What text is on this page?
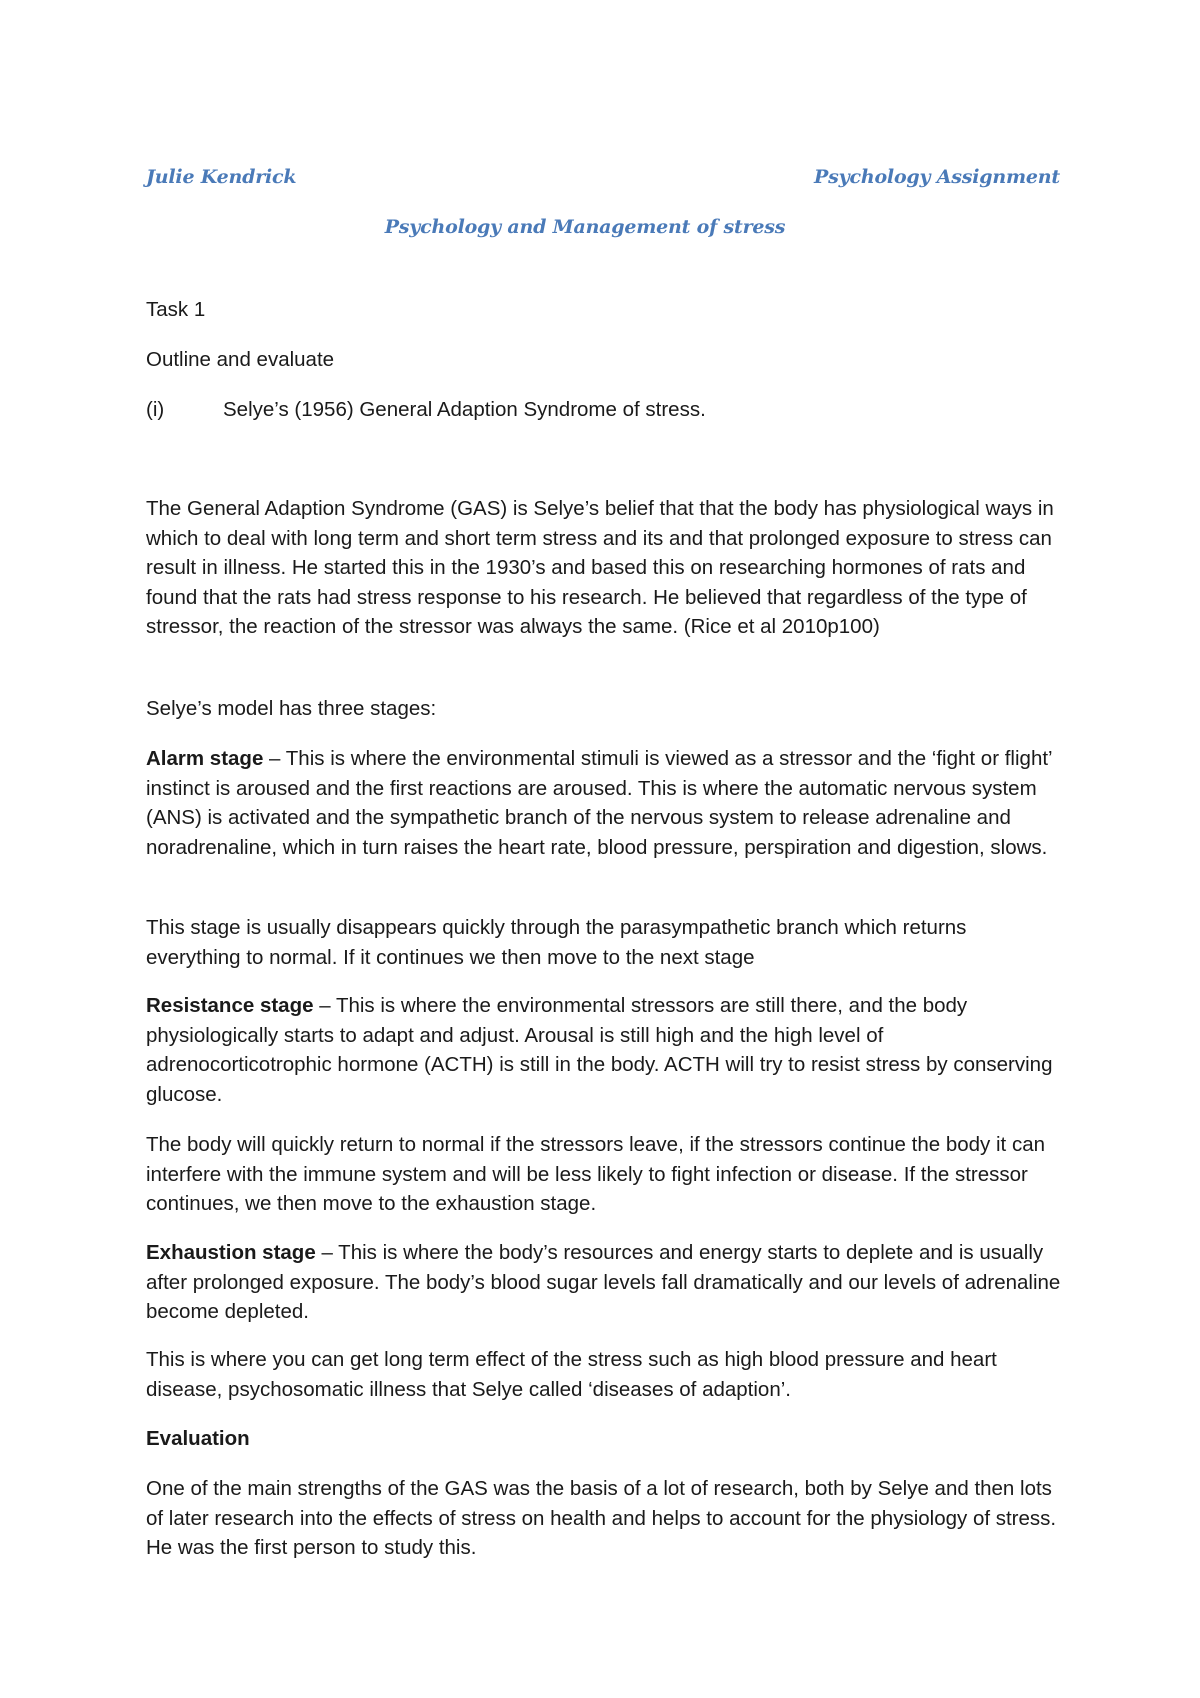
Julie Kendrick	Psychology Assignment
Psychology and Management of stress
Task 1
Outline and evaluate
(i)	Selye’s (1956) General Adaption Syndrome of stress.

The General Adaption Syndrome (GAS) is Selye’s belief that that the body has physiological ways in which to deal with long term and short term stress and its and that prolonged exposure to stress can result in illness. He started this in the 1930’s and based this on researching hormones of rats and found that the rats had stress response to his research. He believed that regardless of the type of stressor, the reaction of the stressor was always the same. (Rice et al 2010p100)

Selye’s model has three stages:

Alarm stage – This is where the environmental stimuli is viewed as a stressor and the ‘fight or flight’ instinct is aroused and the first reactions are aroused. This is where the automatic nervous system (ANS) is activated and the sympathetic branch of the nervous system to release adrenaline and noradrenaline, which in turn raises the heart rate, blood pressure, perspiration and digestion, slows.

This stage is usually disappears quickly through the parasympathetic branch which returns everything to normal. If it continues we then move to the next stage

Resistance stage – This is where the environmental stressors are still there, and the body physiologically starts to adapt and adjust. Arousal is still high and the high level of adrenocorticotrophic hormone (ACTH) is still in the body. ACTH will try to resist stress by conserving glucose.

The body will quickly return to normal if the stressors leave, if the stressors continue the body it can interfere with the immune system and will be less likely to fight infection or disease. If the stressor continues, we then move to the exhaustion stage.

Exhaustion stage – This is where the body’s resources and energy starts to deplete and is usually after prolonged exposure. The body’s blood sugar levels fall dramatically and our levels of adrenaline become depleted.

This is where you can get long term effect of the stress such as high blood pressure and heart disease, psychosomatic illness that Selye called ‘diseases of adaption’.

Evaluation

One of the main strengths of the GAS was the basis of a lot of research, both by Selye and then lots of later research into the effects of stress on health and helps to account for the physiology of stress. He was the first person to study this.
